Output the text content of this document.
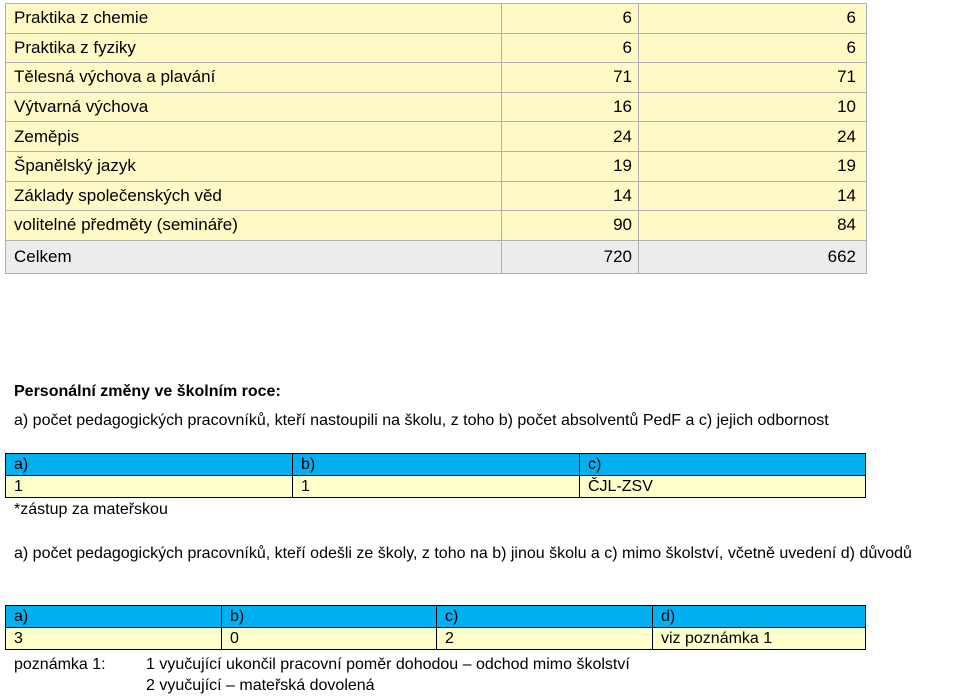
Praktika z chemie	6	6
Praktika z fyziky	6	6
Tělesná výchova a plavání	71	71
Výtvarná výchova	16	10
Zeměpis	24	24
Španělský jazyk	19	19
Základy společenských věd	14	14
volitelné předměty (semináře)	90	84
Celkem	720	662
Personální změny ve školním roce:
a) počet pedagogických pracovníků, kteří nastoupili na školu, z toho b) počet absolventů PedF a c) jejich odbornost
a)	b)	c)
1	1	ČJL-ZSV
*zástup za mateřskou
a) počet pedagogických pracovníků, kteří odešli ze školy, z toho na b) jinou školu a c) mimo školství, včetně uvedení d) důvodů
a)	b)	c)	d)
3	0	2	viz poznámka 1
poznámka 1:	1 vyučující ukončil pracovní poměr dohodou – odchod mimo školství
2 vyučující – mateřská dovolená
